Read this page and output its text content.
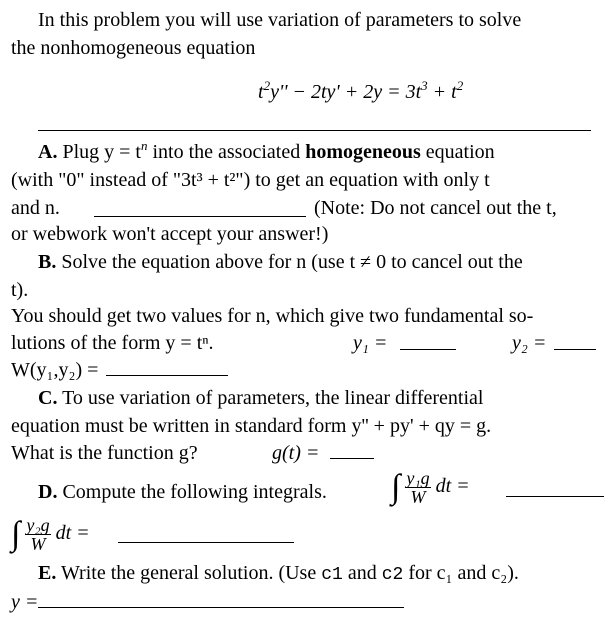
In this problem you will use variation of parameters to solve
the nonhomogeneous equation
$t^2y'' - 2ty' + 2y = 3t^3 + t^2$
A. Plug $y = t^n$ into the associated homogeneous equation
(with "0" instead of "3t³ + t²") to get an equation with only t
and n.	(Note: Do not cancel out the t,
or webwork won't accept your answer!)
B. Solve the equation above for n (use t ≠ 0 to cancel out the
t).
You should get two values for n, which give two fundamental so-
lutions of the form y = tⁿ.	y₁ =	y₂ =
W(y₁,y₂) =
C. To use variation of parameters, the linear differential
equation must be written in standard form y'' + py' + qy = g.
What is the function g?	g(t) =
D. Compute the following integrals. ∫ $\frac{\text{y₁g}}{W}$ dt =
∫ $\frac{\text{y₂g}}{W}$ dt =
E. Write the general solution. (Use c1 and c2 for c₁ and c₂).
y =
